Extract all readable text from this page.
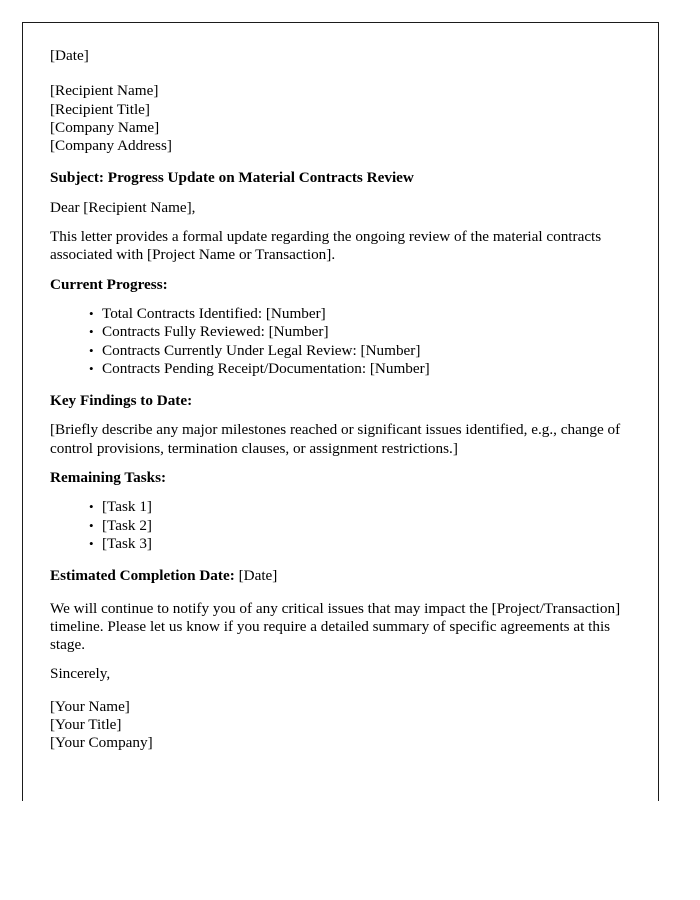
[Date]
[Recipient Name]
[Recipient Title]
[Company Name]
[Company Address]
Subject: Progress Update on Material Contracts Review
Dear [Recipient Name],
This letter provides a formal update regarding the ongoing review of the material contracts associated with [Project Name or Transaction].
Current Progress:
• Total Contracts Identified: [Number]
• Contracts Fully Reviewed: [Number]
• Contracts Currently Under Legal Review: [Number]
• Contracts Pending Receipt/Documentation: [Number]
Key Findings to Date:
[Briefly describe any major milestones reached or significant issues identified, e.g., change of control provisions, termination clauses, or assignment restrictions.]
Remaining Tasks:
• [Task 1]
• [Task 2]
• [Task 3]
Estimated Completion Date: [Date]
We will continue to notify you of any critical issues that may impact the [Project/Transaction] timeline. Please let us know if you require a detailed summary of specific agreements at this stage.
Sincerely,
[Your Name]
[Your Title]
[Your Company]
